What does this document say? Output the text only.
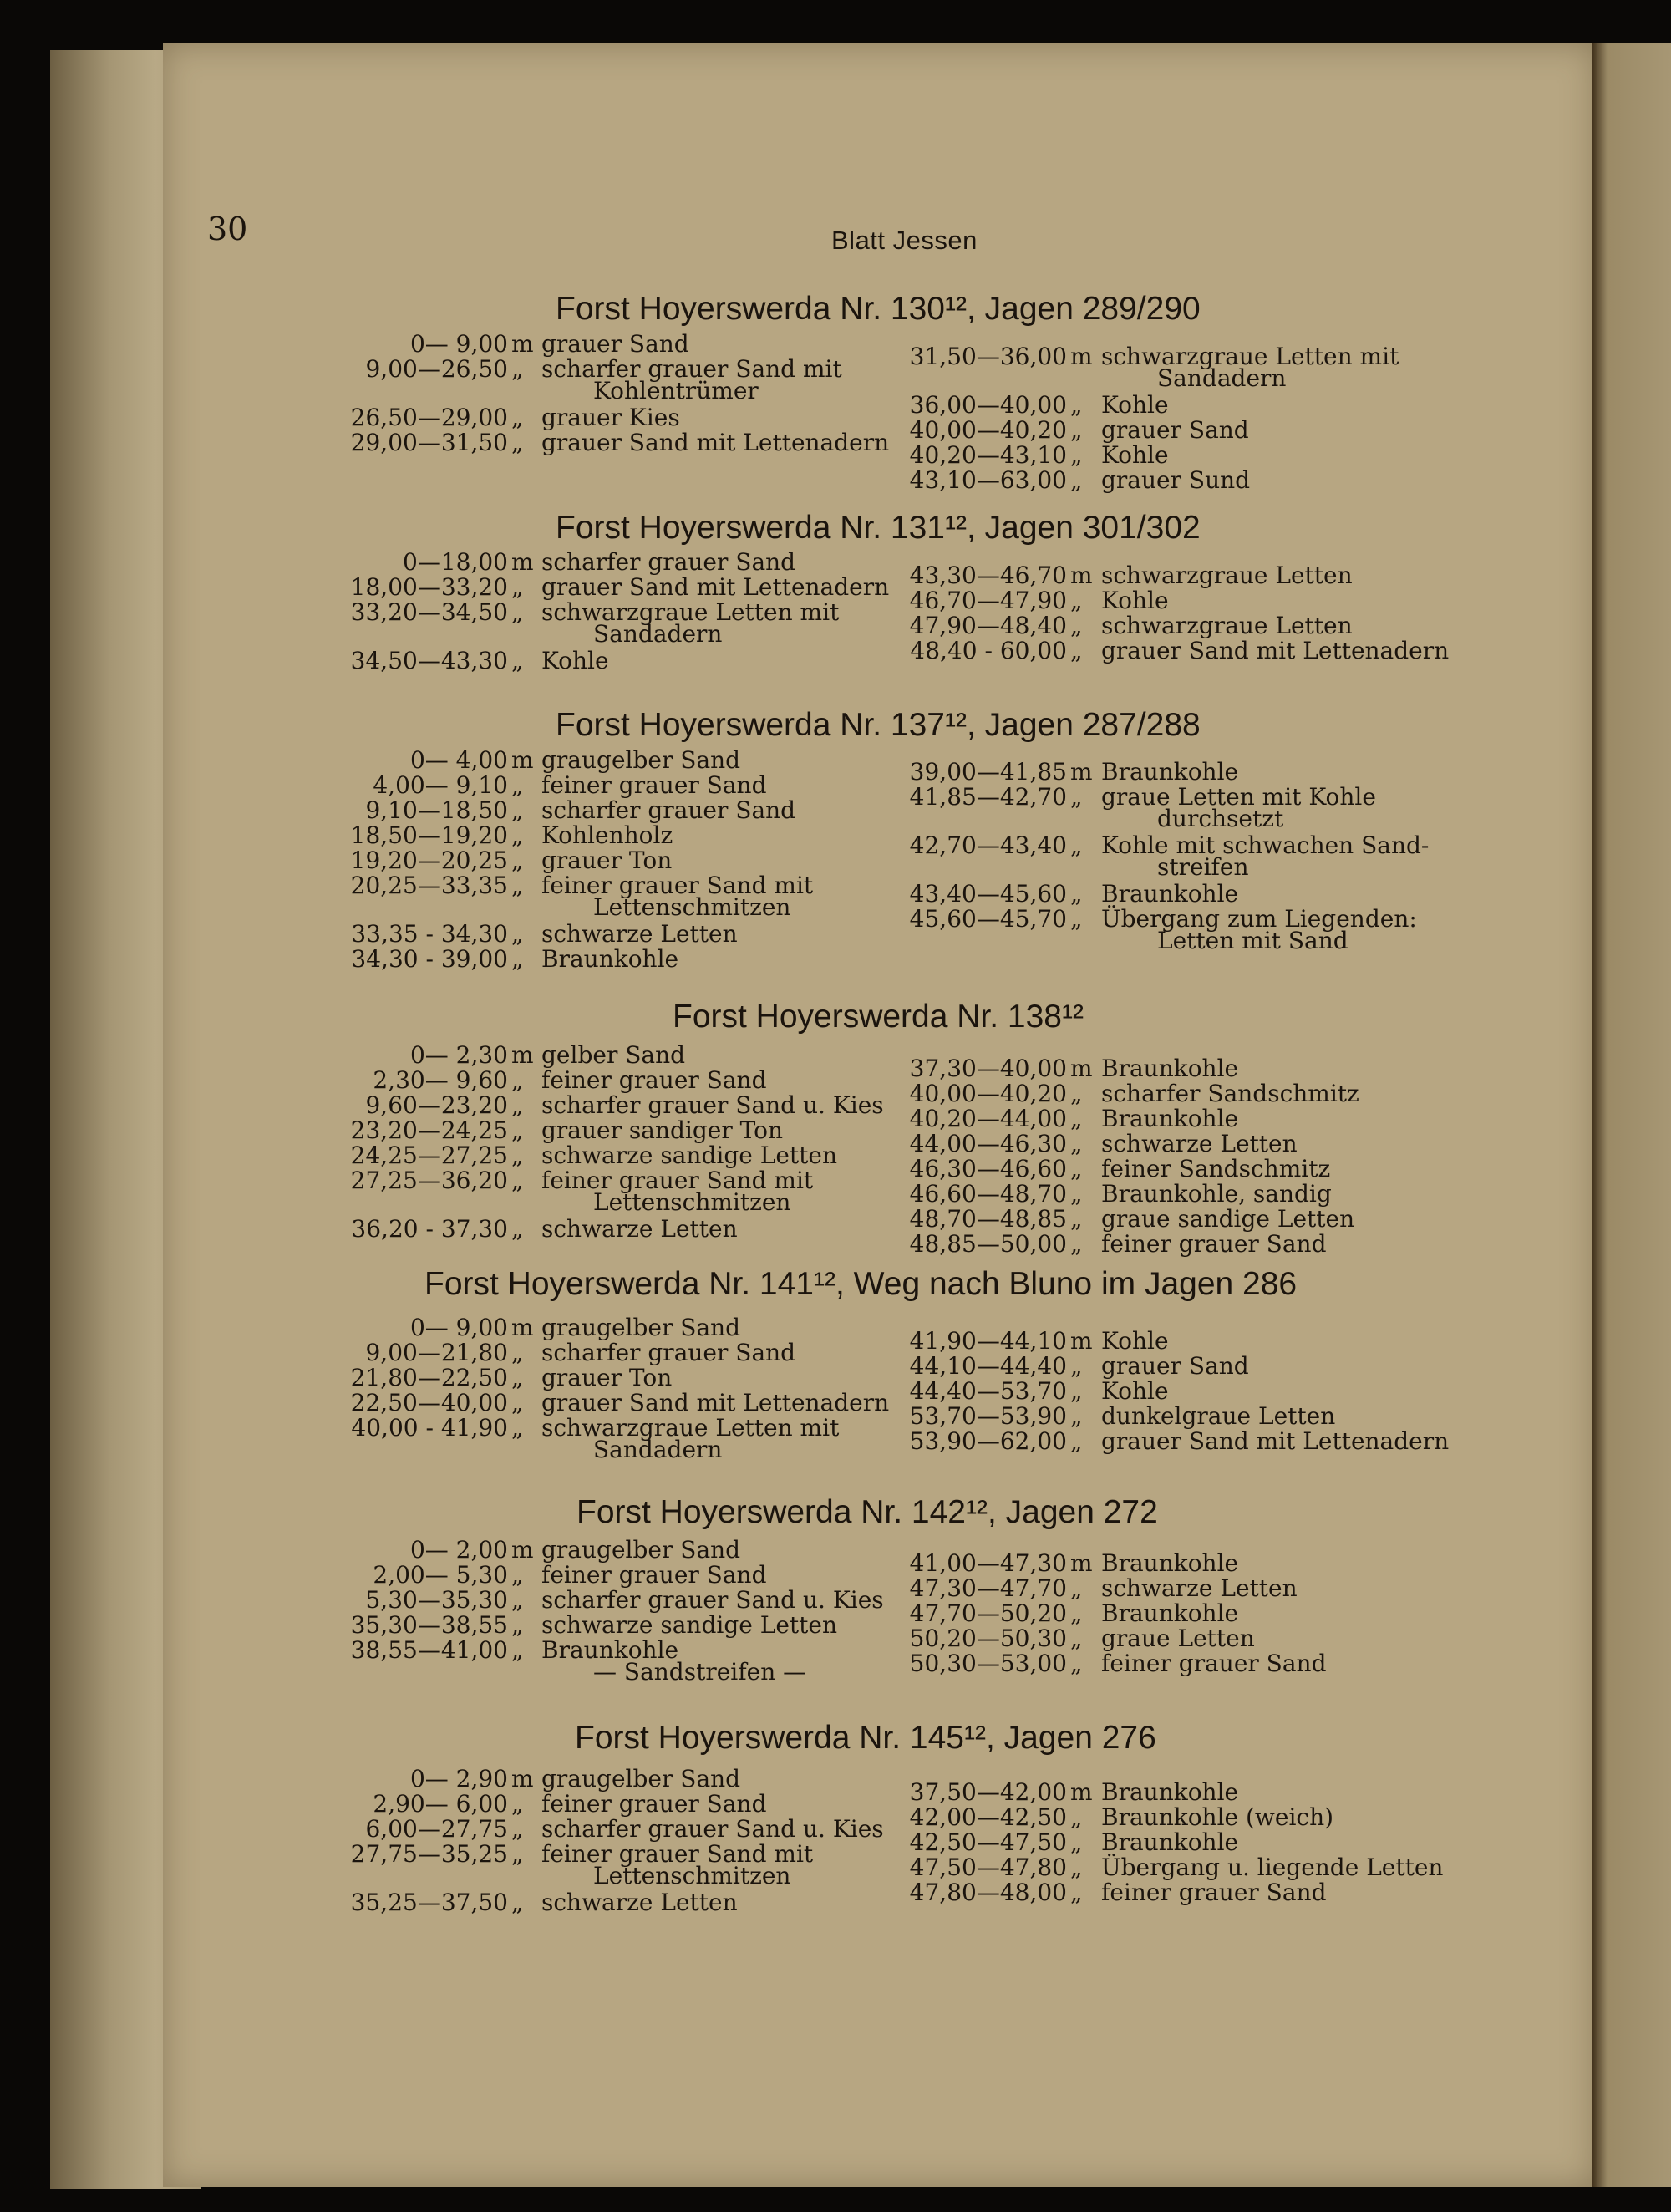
30	Blatt Jessen
Forst Hoyerswerda Nr. 130¹², Jagen 289/290
0— 9,00 m grauer Sand
9,00—26,50 „ scharfer grauer Sand mit
Kohlentrümer
26,50—29,00 „ grauer Kies
29,00—31,50 „ grauer Sand mit Lettenadern
31,50—36,00 m schwarzgraue Letten mit
Sandadern
36,00—40,00 „ Kohle
40,00—40,20 „ grauer Sand
40,20—43,10 „ Kohle
43,10—63,00 „ grauer Sund
Forst Hoyerswerda Nr. 131¹², Jagen 301/302
0—18,00 m scharfer grauer Sand
18,00—33,20 „ grauer Sand mit Lettenadern
33,20—34,50 „ schwarzgraue Letten mit
Sandadern
34,50—43,30 „ Kohle
43,30—46,70 m schwarzgraue Letten
46,70—47,90 „ Kohle
47,90—48,40 „ schwarzgraue Letten
48,40 - 60,00 „ grauer Sand mit Lettenadern
Forst Hoyerswerda Nr. 137¹², Jagen 287/288
0— 4,00 m graugelber Sand
4,00— 9,10 „ feiner grauer Sand
9,10—18,50 „ scharfer grauer Sand
18,50—19,20 „ Kohlenholz
19,20—20,25 „ grauer Ton
20,25—33,35 „ feiner grauer Sand mit
Lettenschmitzen
33,35 - 34,30 „ schwarze Letten
34,30 - 39,00 „ Braunkohle
39,00—41,85 m Braunkohle
41,85—42,70 „ graue Letten mit Kohle
durchsetzt
42,70—43,40 „ Kohle mit schwachen Sand-
streifen
43,40—45,60 „ Braunkohle
45,60—45,70 „ Übergang zum Liegenden:
Letten mit Sand
Forst Hoyerswerda Nr. 138¹²
0— 2,30 m gelber Sand
2,30— 9,60 „ feiner grauer Sand
9,60—23,20 „ scharfer grauer Sand u. Kies
23,20—24,25 „ grauer sandiger Ton
24,25—27,25 „ schwarze sandige Letten
27,25—36,20 „ feiner grauer Sand mit
Lettenschmitzen
36,20 - 37,30 „ schwarze Letten
37,30—40,00 m Braunkohle
40,00—40,20 „ scharfer Sandschmitz
40,20—44,00 „ Braunkohle
44,00—46,30 „ schwarze Letten
46,30—46,60 „ feiner Sandschmitz
46,60—48,70 „ Braunkohle, sandig
48,70—48,85 „ graue sandige Letten
48,85—50,00 „ feiner grauer Sand
Forst Hoyerswerda Nr. 141¹², Weg nach Bluno im Jagen 286
0— 9,00 m graugelber Sand
9,00—21,80 „ scharfer grauer Sand
21,80—22,50 „ grauer Ton
22,50—40,00 „ grauer Sand mit Lettenadern
40,00 - 41,90 „ schwarzgraue Letten mit
Sandadern
41,90—44,10 m Kohle
44,10—44,40 „ grauer Sand
44,40—53,70 „ Kohle
53,70—53,90 „ dunkelgraue Letten
53,90—62,00 „ grauer Sand mit Lettenadern
Forst Hoyerswerda Nr. 142¹², Jagen 272
0— 2,00 m graugelber Sand
2,00— 5,30 „ feiner grauer Sand
5,30—35,30 „ scharfer grauer Sand u. Kies
35,30—38,55 „ schwarze sandige Letten
38,55—41,00 „ Braunkohle
— Sandstreifen —
41,00—47,30 m Braunkohle
47,30—47,70 „ schwarze Letten
47,70—50,20 „ Braunkohle
50,20—50,30 „ graue Letten
50,30—53,00 „ feiner grauer Sand
Forst Hoyerswerda Nr. 145¹², Jagen 276
0— 2,90 m graugelber Sand
2,90— 6,00 „ feiner grauer Sand
6,00—27,75 „ scharfer grauer Sand u. Kies
27,75—35,25 „ feiner grauer Sand mit
Lettenschmitzen
35,25—37,50 „ schwarze Letten
37,50—42,00 m Braunkohle
42,00—42,50 „ Braunkohle (weich)
42,50—47,50 „ Braunkohle
47,50—47,80 „ Übergang u. liegende Letten
47,80—48,00 „ feiner grauer Sand
